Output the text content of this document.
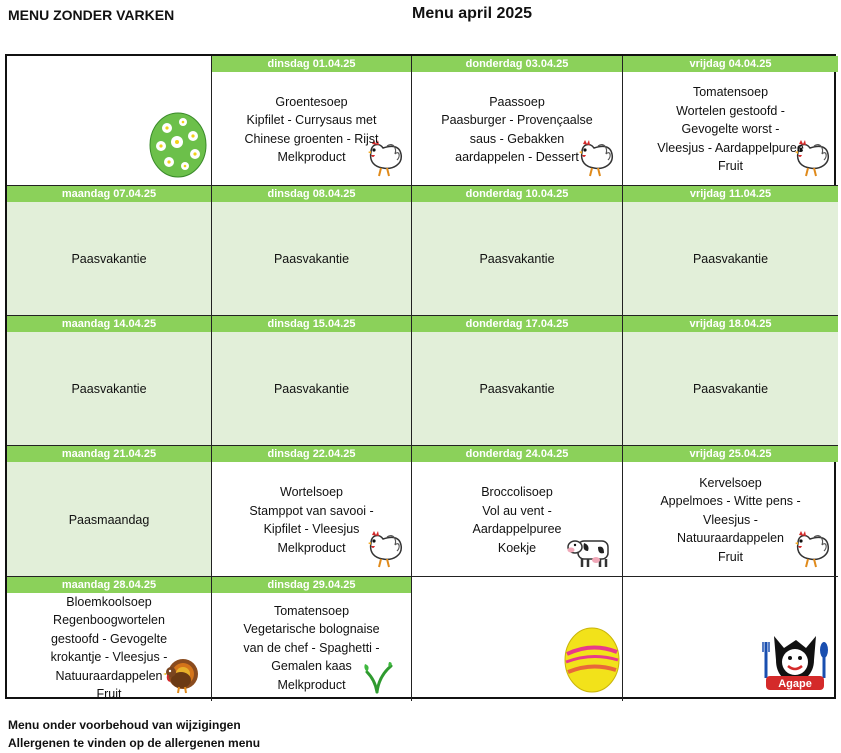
MENU ZONDER VARKEN	Menu april 2025
dinsdag 01.04.25
Groentesoep
Kipfilet - Currysaus met
Chinese groenten - Rijst
Melkproduct
donderdag 03.04.25
Paassoep
Paasburger - Provençaalse
saus - Gebakken
aardappelen - Dessert
vrijdag 04.04.25
Tomatensoep
Wortelen gestoofd -
Gevogelte worst -
Vleesjus - Aardappelpuree
Fruit
maandag 07.04.25
Paasvakantie
dinsdag 08.04.25
Paasvakantie
donderdag 10.04.25
Paasvakantie
vrijdag 11.04.25
Paasvakantie
maandag 14.04.25
Paasvakantie
dinsdag 15.04.25
Paasvakantie
donderdag 17.04.25
Paasvakantie
vrijdag 18.04.25
Paasvakantie
maandag 21.04.25
Paasmaandag
dinsdag 22.04.25
Wortelsoep
Stamppot van savooi -
Kipfilet - Vleesjus
Melkproduct
donderdag 24.04.25
Broccolisoep
Vol au vent -
Aardappelpuree
Koekje
vrijdag 25.04.25
Kervelsoep
Appelmoes - Witte pens -
Vleesjus -
Natuuraardappelen
Fruit
maandag 28.04.25
Bloemkoolsoep
Regenboogwortelen
gestoofd - Gevogelte
krokantje - Vleesjus -
Natuuraardappelen
Fruit
dinsdag 29.04.25
Tomatensoep
Vegetarische bolognaise
van de chef - Spaghetti -
Gemalen kaas
Melkproduct	Agape
Menu onder voorbehoud van wijzigingen
Allergenen te vinden op de allergenen menu
